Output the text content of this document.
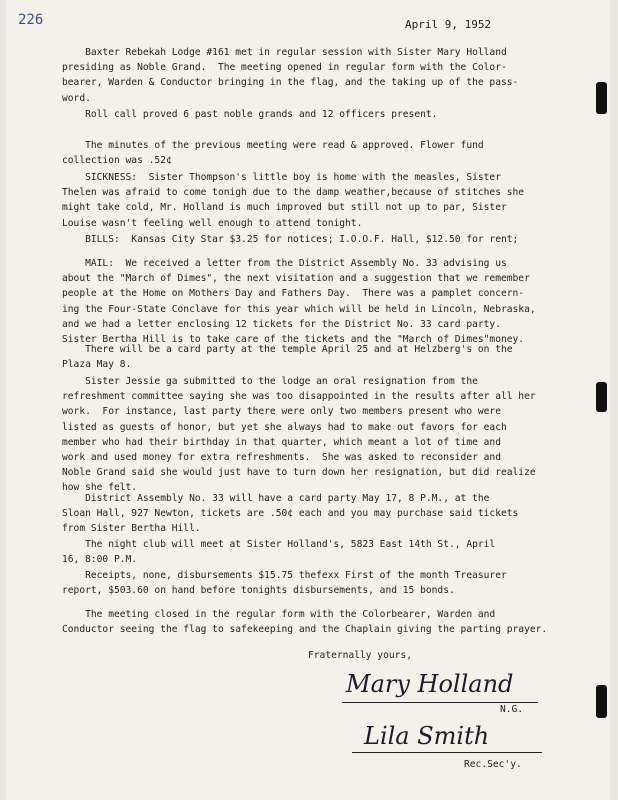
226	April 9, 1952
Baxter Rebekah Lodge #161 met in regular session with Sister Mary Holland
presiding as Noble Grand.  The meeting opened in regular form with the Color-
bearer, Warden & Conductor bringing in the flag, and the taking up of the pass-
word.
Roll call proved 6 past noble grands and 12 officers present.
The minutes of the previous meeting were read & approved. Flower fund
collection was .52¢
SICKNESS:  Sister Thompson's little boy is home with the measles, Sister
Thelen was afraid to come tonigh due to the damp weather,because of stitches she
might take cold, Mr. Holland is much improved but still not up to par, Sister
Louise wasn't feeling well enough to attend tonight.
BILLS:  Kansas City Star $3.25 for notices; I.O.O.F. Hall, $12.50 for rent;
MAIL:  We received a letter from the District Assembly No. 33 advising us
about the "March of Dimes", the next visitation and a suggestion that we remember
people at the Home on Mothers Day and Fathers Day.  There was a pamplet concern-
ing the Four-State Conclave for this year which will be held in Lincoln, Nebraska,
and we had a letter enclosing 12 tickets for the District No. 33 card party.
Sister Bertha Hill is to take care of the tickets and the "March of Dimes"money.
There will be a card party at the temple April 25 and at Helzberg's on the
Plaza May 8.
Sister Jessie ga submitted to the lodge an oral resignation from the
refreshment committee saying she was too disappointed in the results after all her
work.  For instance, last party there were only two members present who were
listed as guests of honor, but yet she always had to make out favors for each
member who had their birthday in that quarter, which meant a lot of time and
work and used money for extra refreshments.  She was asked to reconsider and
Noble Grand said she would just have to turn down her resignation, but did realize
how she felt.
District Assembly No. 33 will have a card party May 17, 8 P.M., at the
Sloan Hall, 927 Newton, tickets are .50¢ each and you may purchase said tickets
from Sister Bertha Hill.
The night club will meet at Sister Holland's, 5823 East 14th St., April
16, 8:00 P.M.
Receipts, none, disbursements $15.75 thefexx First of the month Treasurer
report, $503.60 on hand before tonights disbursements, and 15 bonds.
The meeting closed in the regular form with the Colorbearer, Warden and
Conductor seeing the flag to safekeeping and the Chaplain giving the parting prayer.
Fraternally yours,
Mary Holland
N.G.
Lila Smith
Rec.Sec'y.
